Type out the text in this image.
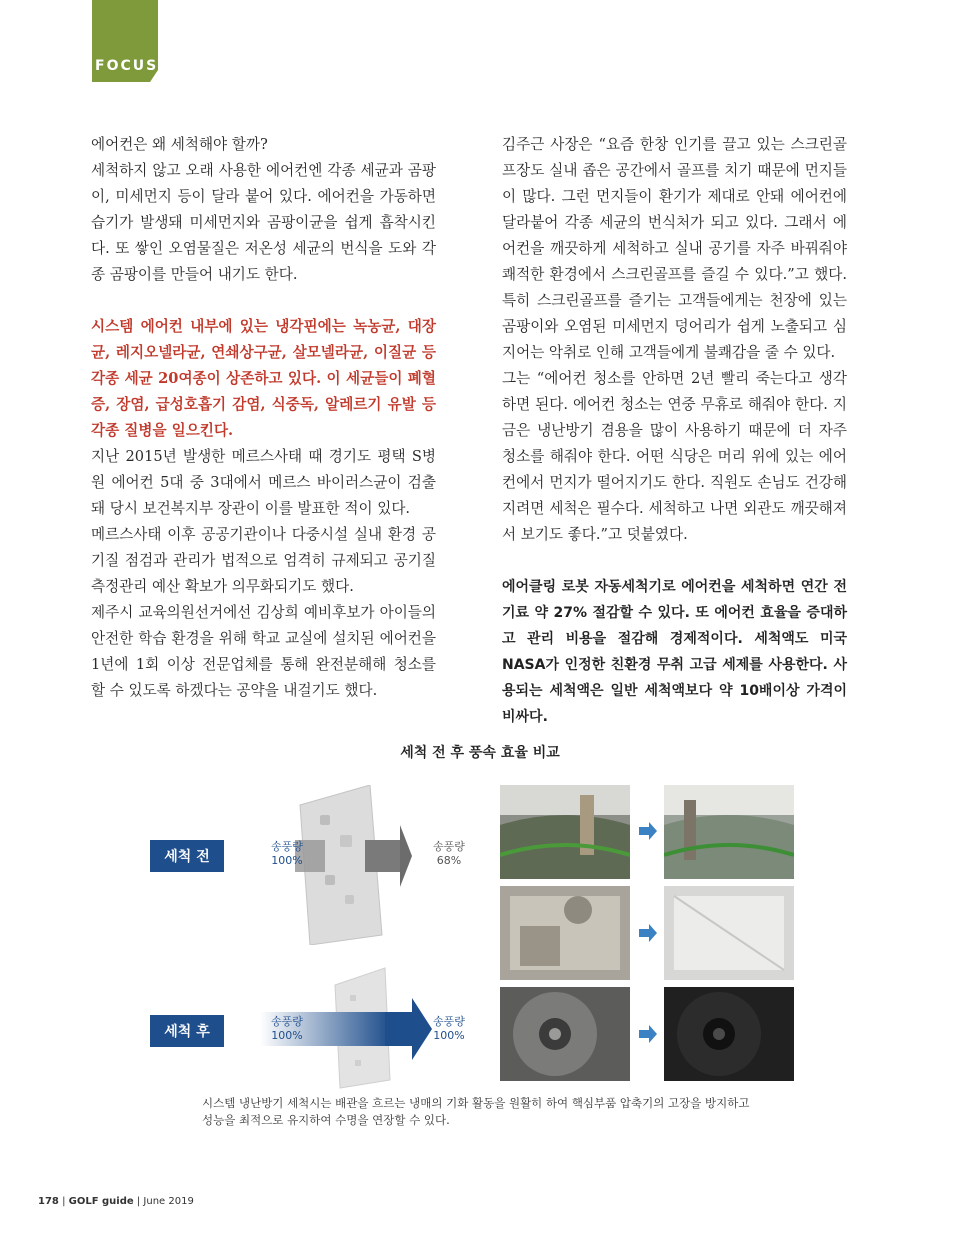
FOCUS

에어컨은 왜 세척해야 할까?

세척하지 않고 오래 사용한 에어컨엔 각종 세균과 곰팡이, 미세먼지 등이 달라 붙어 있다. 에어컨을 가동하면 습기가 발생돼 미세먼지와 곰팡이균을 쉽게 흡착시킨다. 또 쌓인 오염물질은 저온성 세균의 번식을 도와 각종 곰팡이를 만들어 내기도 한다.

시스템 에어컨 내부에 있는 냉각핀에는 녹농균, 대장균, 레지오넬라균, 연쇄상구균, 살모넬라균, 이질균 등 각종 세균 20여종이 상존하고 있다. 이 세균들이 폐혈증, 장염, 급성호흡기 감염, 식중독, 알레르기 유발 등 각종 질병을 일으킨다.

지난 2015년 발생한 메르스사태 때 경기도 평택 S병원 에어컨 5대 중 3대에서 메르스 바이러스균이 검출돼 당시 보건복지부 장관이 이를 발표한 적이 있다.

메르스사태 이후 공공기관이나 다중시설 실내 환경 공기질 점검과 관리가 법적으로 엄격히 규제되고 공기질 측정관리 예산 확보가 의무화되기도 했다.

제주시 교육의원선거에선 김상희 예비후보가 아이들의 안전한 학습 환경을 위해 학교 교실에 설치된 에어컨을 1년에 1회 이상 전문업체를 통해 완전분해해 청소를 할 수 있도록 하겠다는 공약을 내걸기도 했다.

김주근 사장은 “요즘 한창 인기를 끌고 있는 스크린골프장도 실내 좁은 공간에서 골프를 치기 때문에 먼지들이 많다. 그런 먼지들이 환기가 제대로 안돼 에어컨에 달라붙어 각종 세균의 번식처가 되고 있다. 그래서 에어컨을 깨끗하게 세척하고 실내 공기를 자주 바꿔줘야 쾌적한 환경에서 스크린골프를 즐길 수 있다.”고 했다. 특히 스크린골프를 즐기는 고객들에게는 천장에 있는 곰팡이와 오염된 미세먼지 덩어리가 쉽게 노출되고 심지어는 악취로 인해 고객들에게 불쾌감을 줄 수 있다.

그는 “에어컨 청소를 안하면 2년 빨리 죽는다고 생각하면 된다. 에어컨 청소는 연중 무휴로 해줘야 한다. 지금은 냉난방기 겸용을 많이 사용하기 때문에 더 자주 청소를 해줘야 한다. 어떤 식당은 머리 위에 있는 에어컨에서 먼지가 떨어지기도 한다. 직원도 손님도 건강해지려면 세척은 필수다. 세척하고 나면 외관도 깨끗해져서 보기도 좋다.”고 덧붙였다.

에어클링 로봇 자동세척기로 에어컨을 세척하면 연간 전기료 약 27% 절감할 수 있다. 또 에어컨 효율을 증대하고 관리 비용을 절감해 경제적이다. 세척액도 미국 NASA가 인정한 친환경 무취 고급 세제를 사용한다. 사용되는 세척액은 일반 세척액보다 약 10배이상 가격이 비싸다.

세척 전 후 풍속 효율 비교
세척 전
송풍량
100%
송풍량
68%
세척 후
송풍량
100%
송풍량
100%
시스템 냉난방기 세척시는 배관을 흐르는 냉매의 기화 활동을 원활히 하여 핵심부품 압축기의 고장을 방지하고
성능을 최적으로 유지하여 수명을 연장할 수 있다.
178 | GOLF guide | June 2019
